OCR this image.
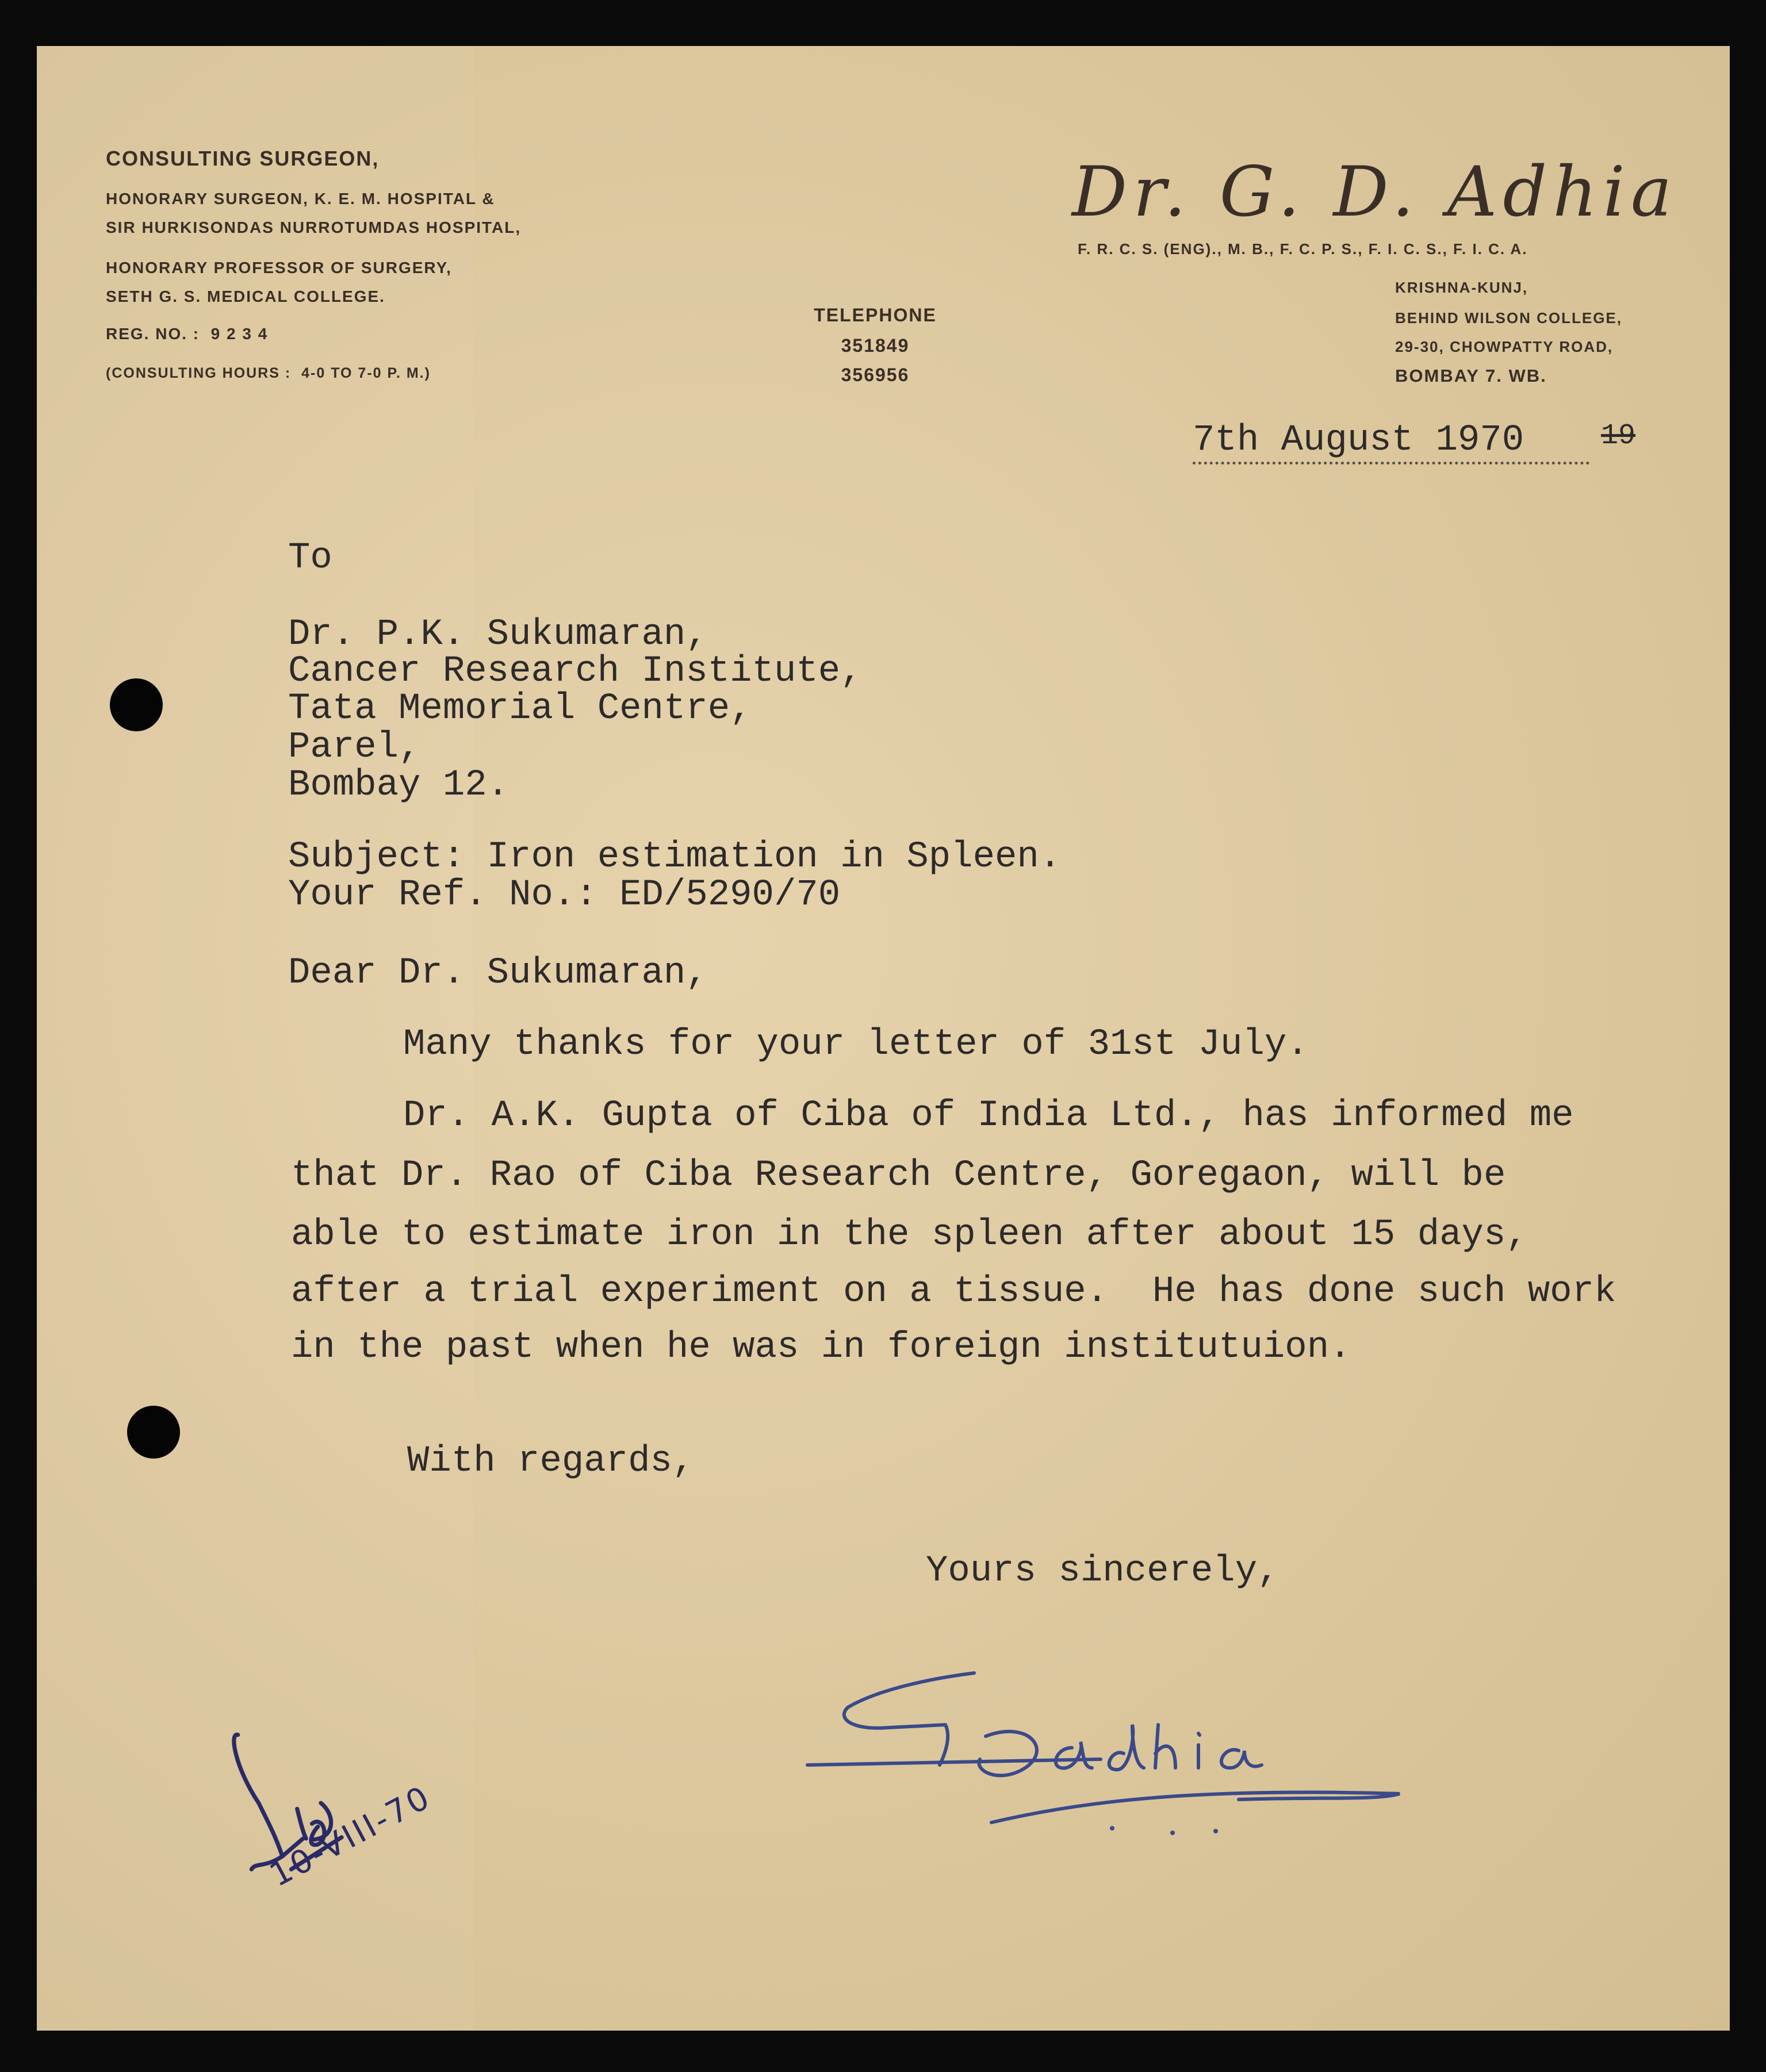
CONSULTING SURGEON,
HONORARY SURGEON, K. E. M. HOSPITAL &
SIR HURKISONDAS NURROTUMDAS HOSPITAL,
HONORARY PROFESSOR OF SURGERY,
SETH G. S. MEDICAL COLLEGE.
REG. NO. :  9 2 3 4
(CONSULTING HOURS :  4-0 TO 7-0 P. M.)
TELEPHONE
351849
356956
Dr. G. D. Adhia
F. R. C. S. (ENG)., M. B., F. C. P. S., F. I. C. S., F. I. C. A.
KRISHNA-KUNJ,
BEHIND WILSON COLLEGE,
29-30, CHOWPATTY ROAD,
BOMBAY 7. WB.
7th August 1970	19
To
Dr. P.K. Sukumaran,
Cancer Research Institute,
Tata Memorial Centre,
Parel,
Bombay 12.
Subject: Iron estimation in Spleen.
Your Ref. No.: ED/5290/70
Dear Dr. Sukumaran,
Many thanks for your letter of 31st July.
Dr. A.K. Gupta of Ciba of India Ltd., has informed me
that Dr. Rao of Ciba Research Centre, Goregaon, will be
able to estimate iron in the spleen after about 15 days,
after a trial experiment on a tissue.  He has done such work
in the past when he was in foreign institutuion.
With regards,
Yours sincerely,
10-VIII-70
